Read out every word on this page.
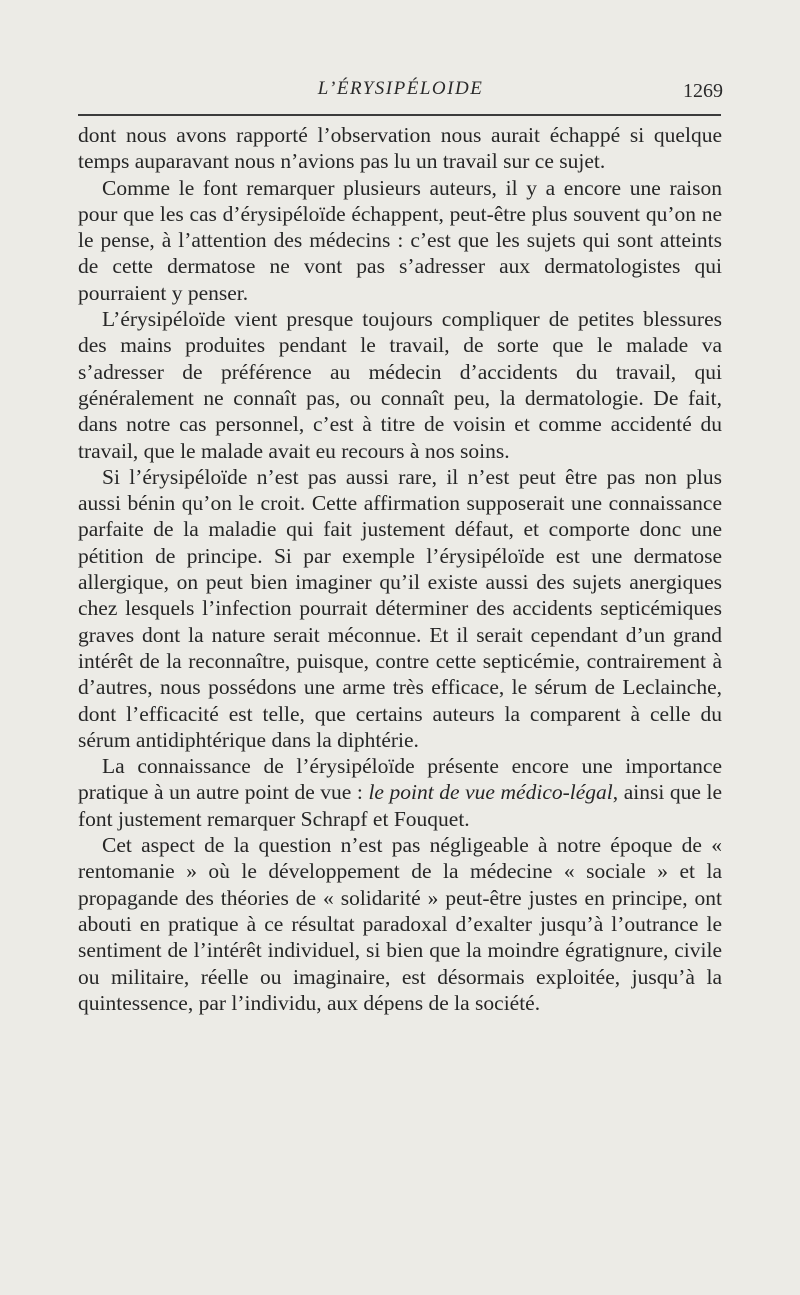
L’ÉRYSIPÉLOIDE	1269

dont nous avons rapporté l’observation nous aurait échappé si quelque temps auparavant nous n’avions pas lu un travail sur ce sujet.

Comme le font remarquer plusieurs auteurs, il y a encore une raison pour que les cas d’érysipéloïde échappent, peut-être plus souvent qu’on ne le pense, à l’attention des médecins : c’est que les sujets qui sont atteints de cette dermatose ne vont pas s’adresser aux dermatologistes qui pourraient y penser.

L’érysipéloïde vient presque toujours compliquer de petites blessures des mains produites pendant le travail, de sorte que le malade va s’adresser de préférence au médecin d’accidents du travail, qui généralement ne connaît pas, ou connaît peu, la dermatologie. De fait, dans notre cas personnel, c’est à titre de voisin et comme accidenté du travail, que le malade avait eu recours à nos soins.

Si l’érysipéloïde n’est pas aussi rare, il n’est peut être pas non plus aussi bénin qu’on le croit. Cette affirmation supposerait une connaissance parfaite de la maladie qui fait justement défaut, et comporte donc une pétition de principe. Si par exemple l’érysipéloïde est une dermatose allergique, on peut bien imaginer qu’il existe aussi des sujets anergiques chez lesquels l’infection pourrait déterminer des accidents septicémiques graves dont la nature serait méconnue. Et il serait cependant d’un grand intérêt de la reconnaître, puisque, contre cette septicémie, contrairement à d’autres, nous possédons une arme très efficace, le sérum de Leclainche, dont l’efficacité est telle, que certains auteurs la comparent à celle du sérum antidiphtérique dans la diphtérie.

La connaissance de l’érysipéloïde présente encore une importance pratique à un autre point de vue : le point de vue médico-légal, ainsi que le font justement remarquer Schrapf et Fouquet.

Cet aspect de la question n’est pas négligeable à notre époque de « rentomanie » où le développement de la médecine « sociale » et la propagande des théories de « solidarité » peut-être justes en principe, ont abouti en pratique à ce résultat paradoxal d’exalter jusqu’à l’outrance le sentiment de l’intérêt individuel, si bien que la moindre égratignure, civile ou militaire, réelle ou imaginaire, est désormais exploitée, jusqu’à la quintessence, par l’individu, aux dépens de la société.
